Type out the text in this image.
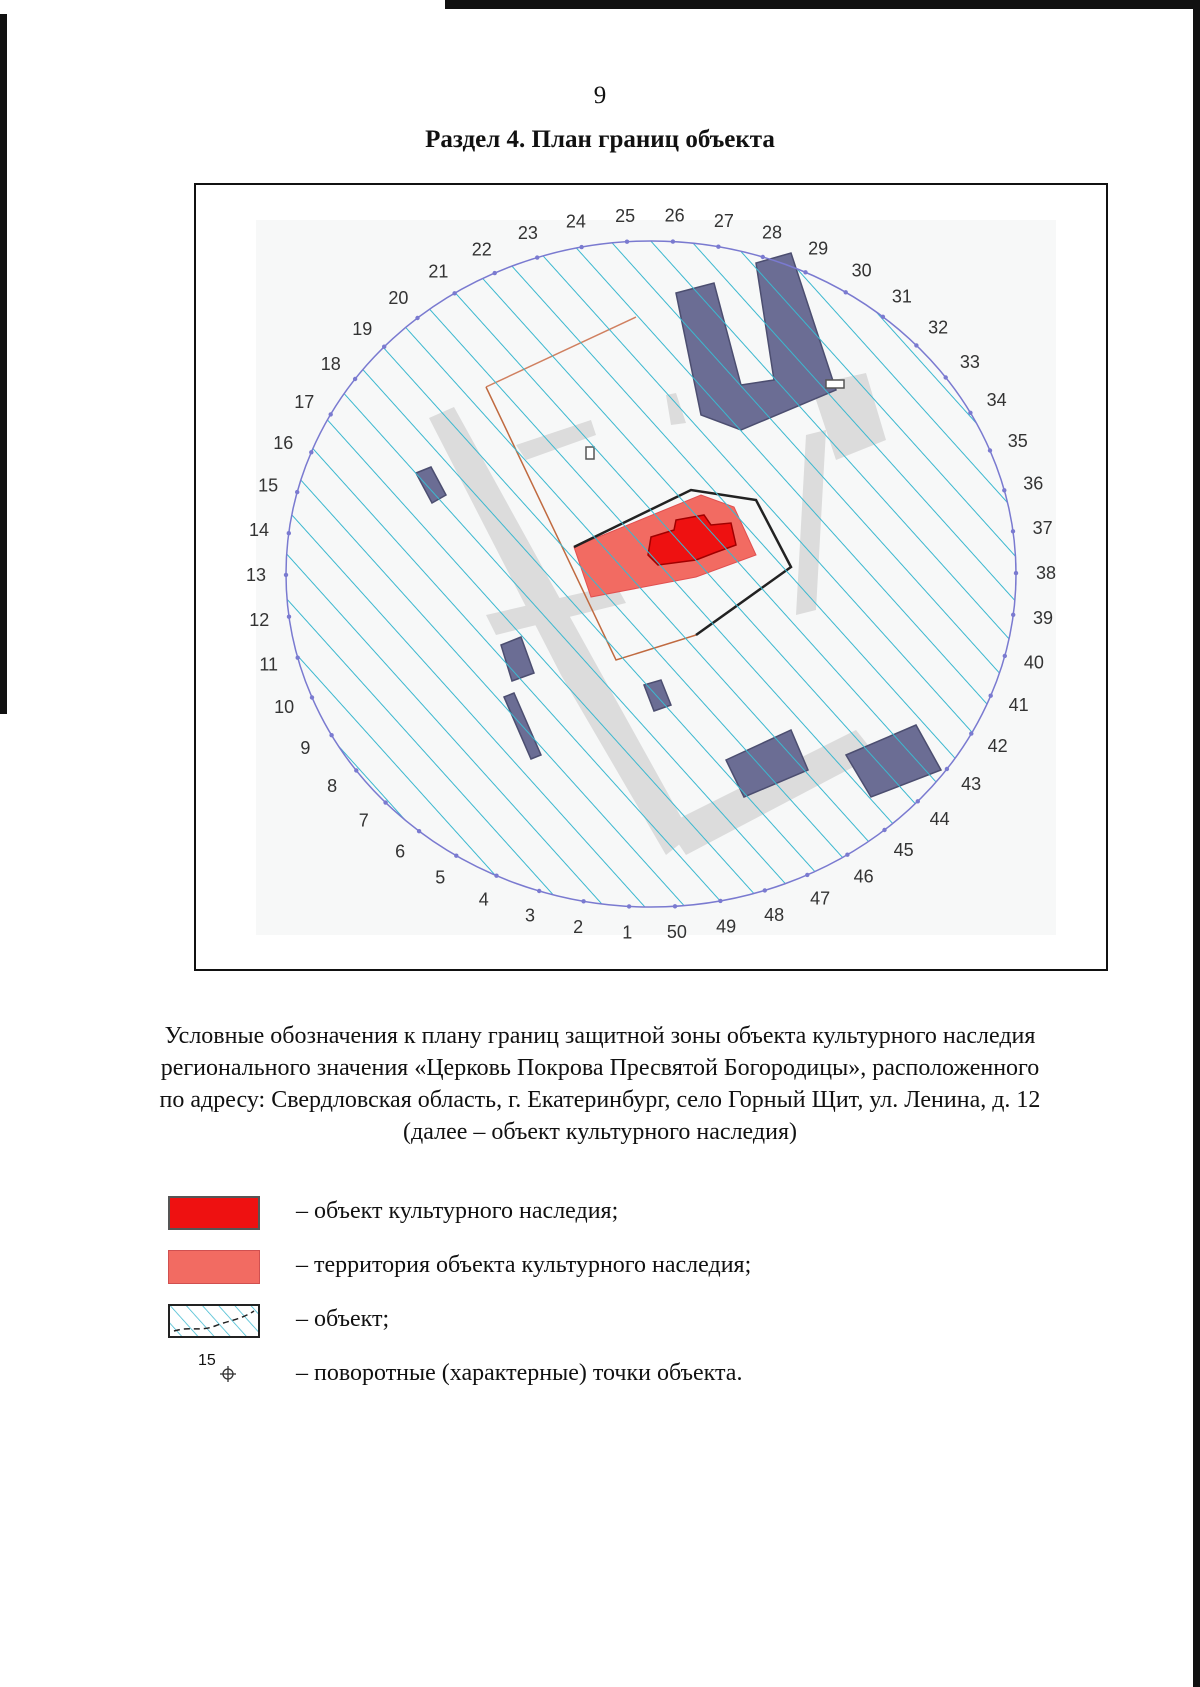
9
Раздел 4. План границ объекта
1
2
3
4
5
6
7
8
9
10
11
12
13
14
15
16
17
18
19
20
21
22
23
24 25 26 27
28
29
30
31
32
33
34
35
36
37
38
39
40
41
42
43
44
45
46
47
48
49
50
Условные обозначения к плану границ защитной зоны объекта культурного наследия регионального значения «Церковь Покрова Пресвятой Богородицы», расположенного по адресу: Свердловская область, г. Екатеринбург, село Горный Щит, ул. Ленина, д. 12 (далее – объект культурного наследия)
– объект культурного наследия;
– территория объекта культурного наследия;
– объект;
15	– поворотные (характерные) точки объекта.
